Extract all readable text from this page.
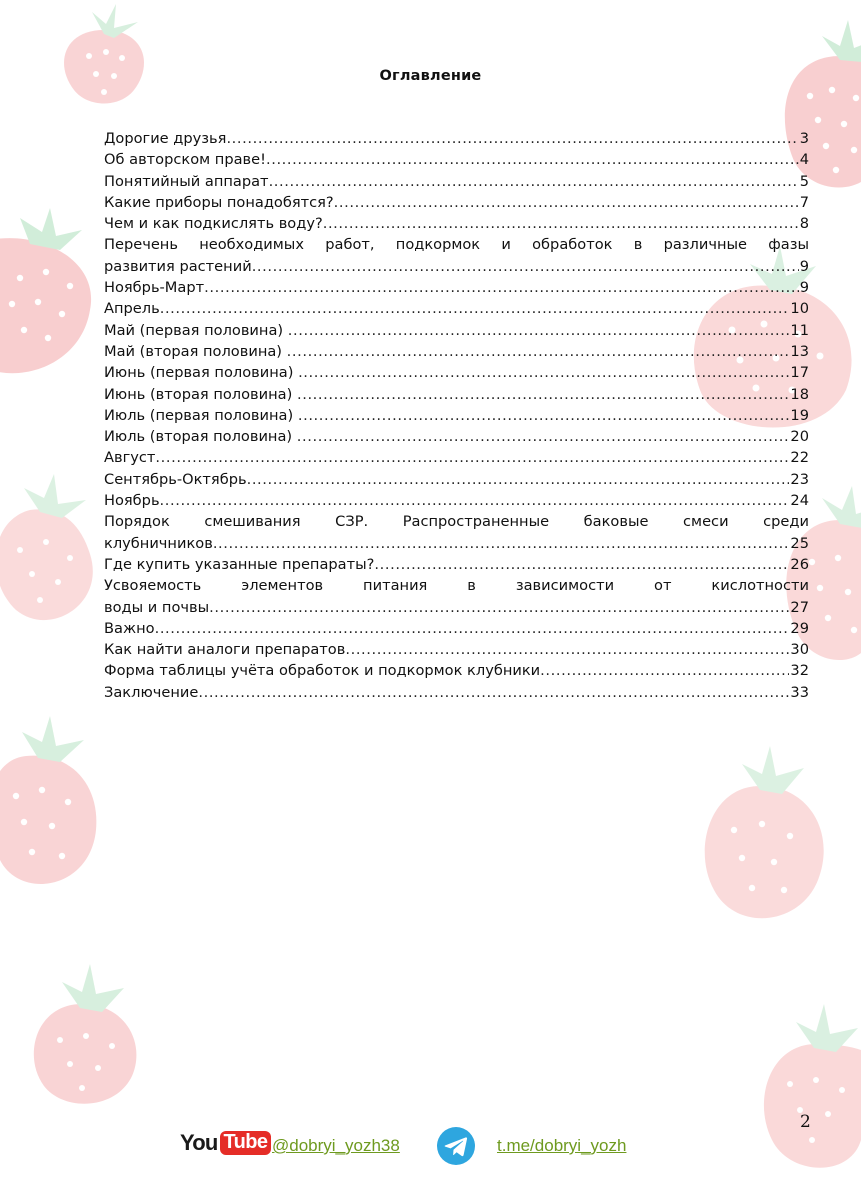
Оглавление
Дорогие друзья .....	3
Об авторском праве! .....	4
Понятийный аппарат .....	5
Какие приборы понадобятся? .....	7
Чем и как подкислять воду? .....	8
Перечень необходимых работ, подкормок и обработок в различные фазы
развития растений .....	9
Ноябрь-Март .....	9
Апрель .....	10
Май (первая половина) .....	11
Май (вторая половина) .....	13
Июнь (первая половина) .....	17
Июнь (вторая половина) .....	18
Июль (первая половина) .....	19
Июль (вторая половина) .....	20
Август .....	22
Сентябрь-Октябрь .....	23
Ноябрь .....	24
Порядок смешивания СЗР. Распространенные баковые смеси среди
клубничников .....	25
Где купить указанные препараты? .....	26
Усвояемость элементов питания в зависимости от кислотности
воды и почвы .....	27
Важно .....	29
Как найти аналоги препаратов .....	30
Форма таблицы учёта обработок и подкормок клубники .....	32
Заключение .....	33
2
You Tube @dobryi_yozh38	t.me/dobryi_yozh
